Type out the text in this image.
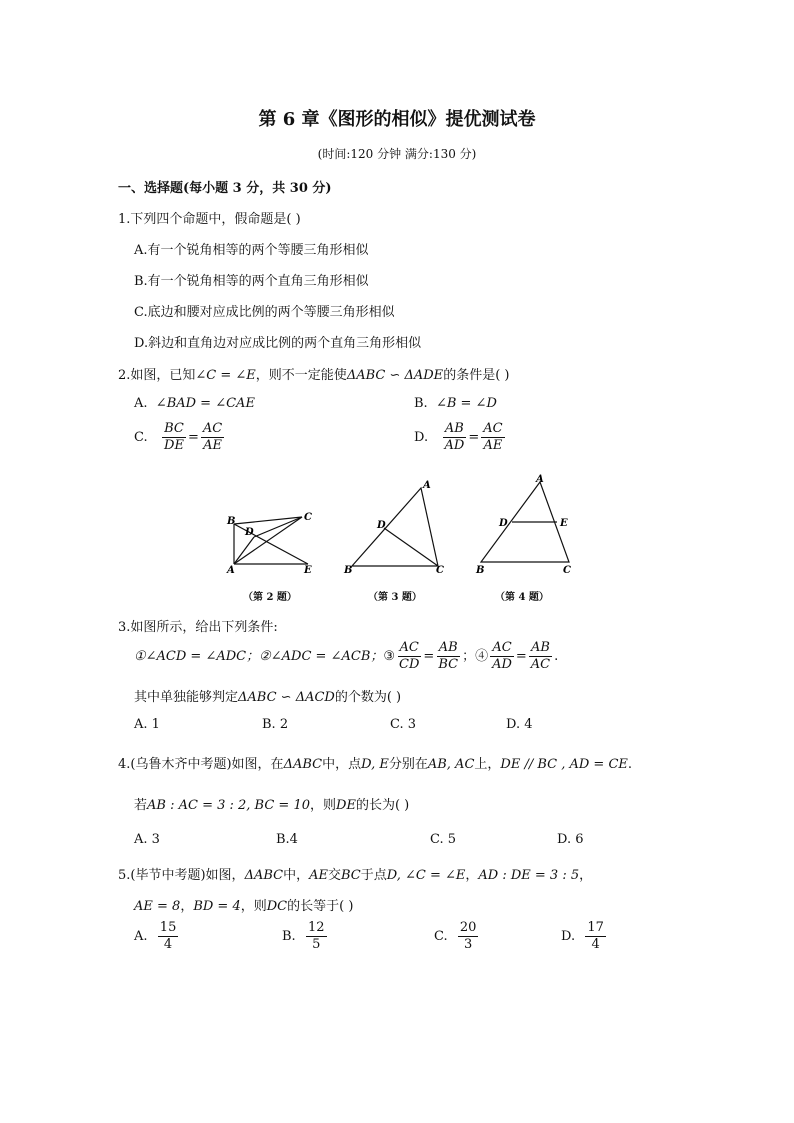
第 6 章《图形的相似》提优测试卷
(时间:120 分钟 满分:130 分)
一、选择题(每小题 3 分，共 30 分)
1.下列四个命题中，假命题是( )
A.有一个锐角相等的两个等腰三角形相似
B.有一个锐角相等的两个直角三角形相似
C.底边和腰对应成比例的两个等腰三角形相似
D.斜边和直角边对应成比例的两个直角三角形相似
2.如图，已知∠C = ∠E，则不一定能使ΔABC ∽ ΔADE的条件是( )
A. ∠BAD = ∠CAE	B. ∠B = ∠D
C. $\frac{BC}{DE} = \frac{AC}{AE}$	D. $\frac{AB}{AD} = \frac{AC}{AE}$
B	C
D
A	E
A
D
B	C
A
D	E
B	C
（第 2 题）	（第 3 题）	（第 4 题）
3.如图所示，给出下列条件:
①∠ACD = ∠ADC；②∠ADC = ∠ACB；③ $\frac{AC}{CD} = \frac{AB}{BC}$ ；④ $\frac{AC}{AD} = \frac{AB}{AC}$ .
其中单独能够判定ΔABC ∽ ΔACD的个数为( )
A. 1	B. 2	C. 3	D. 4
4.(乌鲁木齐中考题)如图，在ΔABC中，点D, E分别在AB, AC上，DE // BC , AD = CE.
若AB : AC = 3 : 2, BC = 10，则DE的长为( )
A. 3	B.4	C. 5	D. 6
5.(毕节中考题)如图，ΔABC中，AE交BC于点D, ∠C = ∠E，AD : DE = 3 : 5，
AE = 8，BD = 4，则DC的长等于( )
A. $\frac{15}{4}$	B. $\frac{12}{5}$	C. $\frac{20}{3}$	D. $\frac{17}{4}$
